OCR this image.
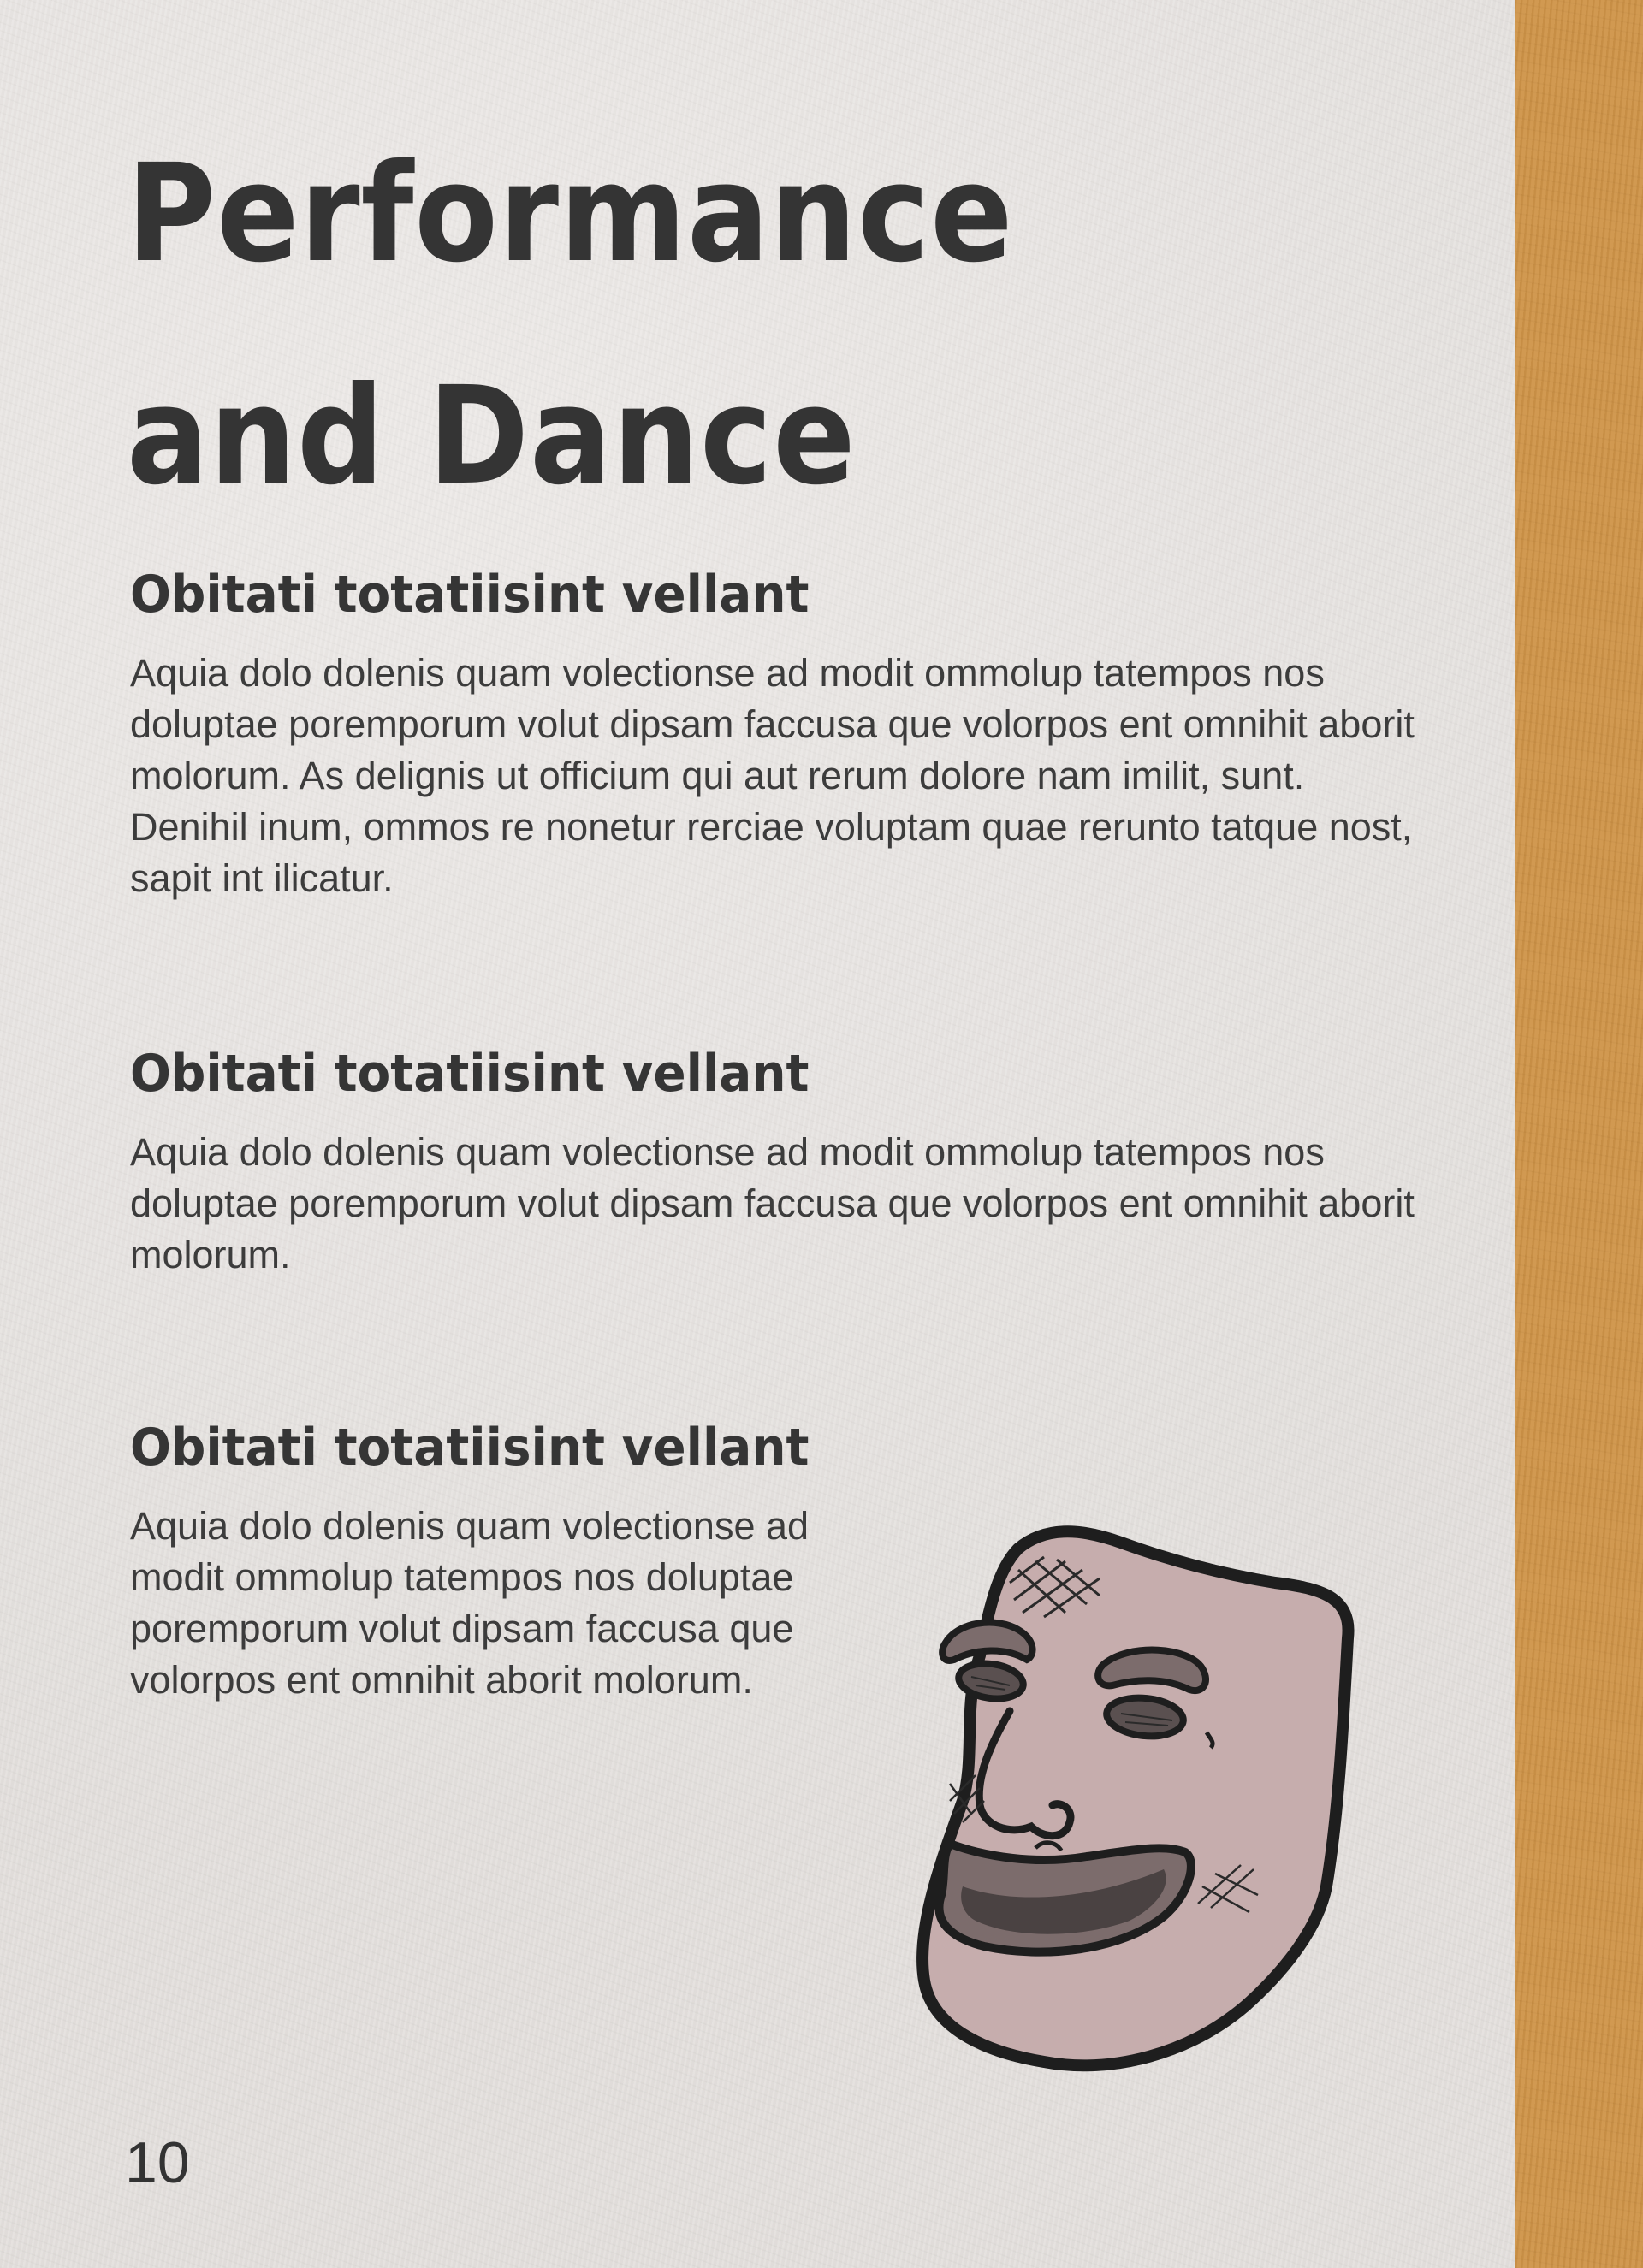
Performance and Dance
Obitati totatiisint vellant

Aquia dolo dolenis quam volectionse ad modit ommolup tatempos nos doluptae poremporum volut dipsam faccusa que volorpos ent omnihit aborit molorum. As delignis ut officium qui aut rerum dolore nam imilit, sunt. Denihil inum, ommos re nonetur rerciae voluptam quae rerunto tatque nost, sapit int ilicatur.

Obitati totatiisint vellant

Aquia dolo dolenis quam volectionse ad modit ommolup tatempos nos doluptae poremporum volut dipsam faccusa que volorpos ent omnihit aborit molorum.

Obitati totatiisint vellant

Aquia dolo dolenis quam volectionse ad modit ommolup tatempos nos doluptae poremporum volut dipsam faccusa que volorpos ent omnihit aborit molorum.

10
